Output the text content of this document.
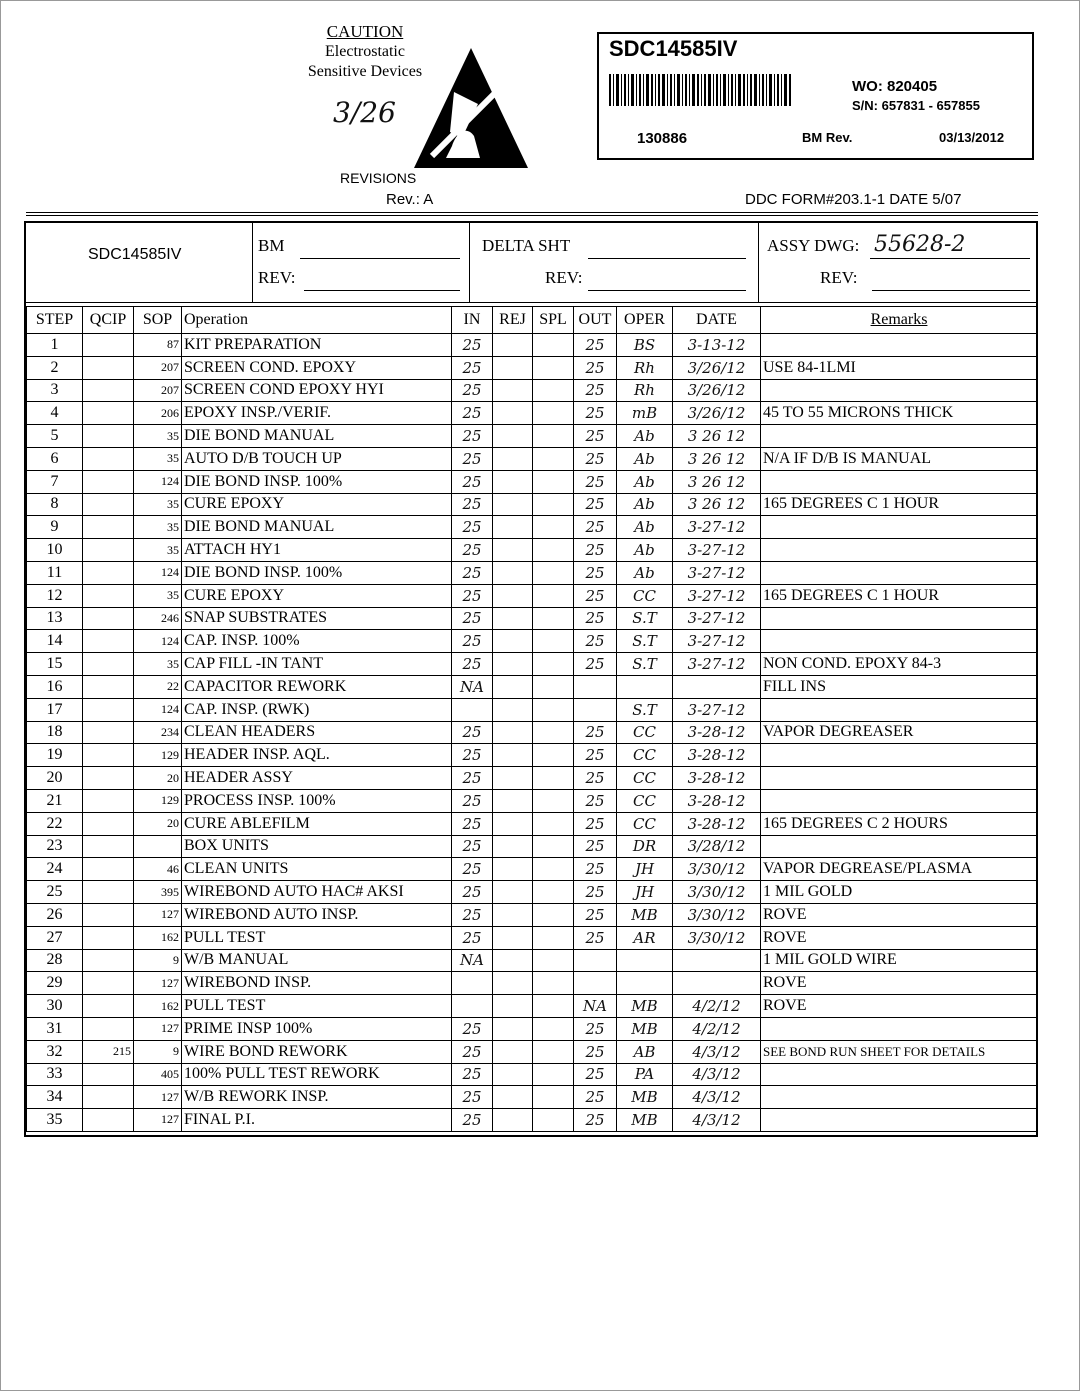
CAUTION
Electrostatic
Sensitive Devices
3/26
REVISIONS
Rev.: A
SDC14585IV
WO: 820405
S/N: 657831 - 657855
130886	BM Rev.	03/13/2012
DDC FORM#203.1-1 DATE 5/07
SDC14585IV	BM
REV:
DELTA SHT
REV:
ASSY DWG: 55628-2
REV:
STEP	QCIP	SOP	Operation	IN	REJ	SPL	OUT	OPER	DATE	Remarks
1		87	KIT PREPARATION	25			25	BS	3-13-12	
2		207	SCREEN COND. EPOXY	25			25	Rh	3/26/12	USE 84-1LMI
3		207	SCREEN COND EPOXY HYI	25			25	Rh	3/26/12	
4		206	EPOXY INSP./VERIF.	25			25	mB	3/26/12	45 TO 55 MICRONS THICK
5		35	DIE BOND MANUAL	25			25	Ab	3 26 12	
6		35	AUTO D/B TOUCH UP	25			25	Ab	3 26 12	N/A IF D/B IS MANUAL
7		124	DIE BOND INSP. 100%	25			25	Ab	3 26 12	
8		35	CURE EPOXY	25			25	Ab	3 26 12	165 DEGREES C 1 HOUR
9		35	DIE BOND MANUAL	25			25	Ab	3-27-12	
10		35	ATTACH HY1	25			25	Ab	3-27-12	
11		124	DIE BOND INSP. 100%	25			25	Ab	3-27-12	
12		35	CURE EPOXY	25			25	CC	3-27-12	165 DEGREES C 1 HOUR
13		246	SNAP SUBSTRATES	25			25	S.T	3-27-12	
14		124	CAP. INSP. 100%	25			25	S.T	3-27-12	
15		35	CAP FILL -IN TANT	25			25	S.T	3-27-12	NON COND. EPOXY 84-3
16		22	CAPACITOR REWORK	NA						FILL INS
17		124	CAP. INSP. (RWK)					S.T	3-27-12	
18		234	CLEAN HEADERS	25			25	CC	3-28-12	VAPOR DEGREASER
19		129	HEADER INSP. AQL.	25			25	CC	3-28-12	
20		20	HEADER ASSY	25			25	CC	3-28-12	
21		129	PROCESS INSP. 100%	25			25	CC	3-28-12	
22		20	CURE ABLEFILM	25			25	CC	3-28-12	165 DEGREES C 2 HOURS
23			BOX UNITS	25			25	DR	3/28/12	
24		46	CLEAN UNITS	25			25	JH	3/30/12	VAPOR DEGREASE/PLASMA
25		395	WIREBOND AUTO HAC# AKSI	25			25	JH	3/30/12	1 MIL GOLD
26		127	WIREBOND AUTO INSP.	25			25	MB	3/30/12	ROVE
27		162	PULL TEST	25			25	AR	3/30/12	ROVE
28		9	W/B MANUAL	NA						1 MIL GOLD WIRE
29		127	WIREBOND INSP.							ROVE
30		162	PULL TEST				NA	MB	4/2/12	ROVE
31		127	PRIME INSP 100%	25			25	MB	4/2/12	
32	215	9	WIRE BOND REWORK	25			25	AB	4/3/12	SEE BOND RUN SHEET FOR DETAILS
33		405	100% PULL TEST REWORK	25			25	PA	4/3/12	
34		127	W/B REWORK INSP.	25			25	MB	4/3/12	
35		127	FINAL P.I.	25			25	MB	4/3/12	
